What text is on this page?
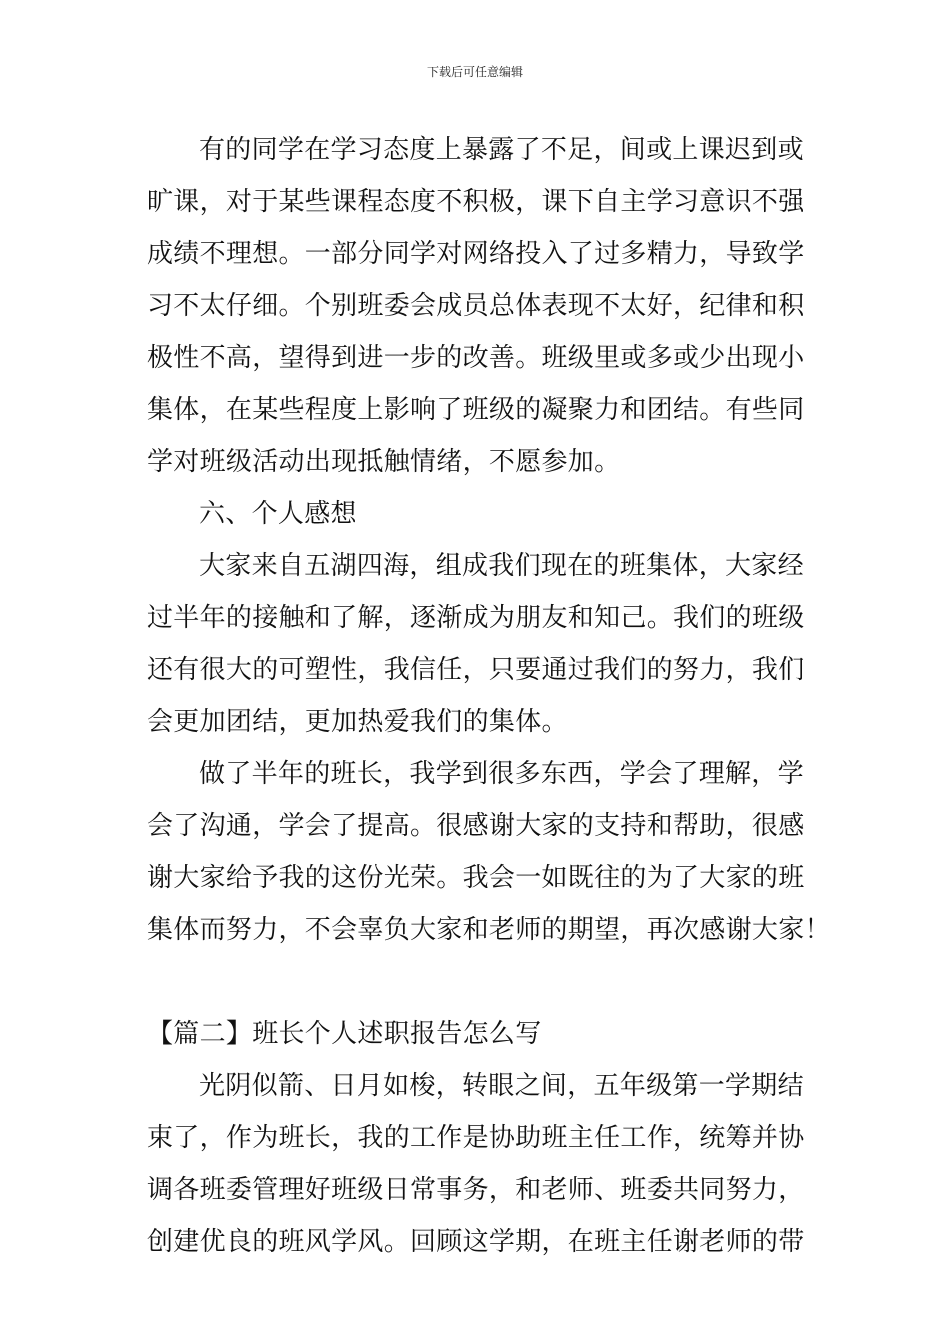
下载后可任意编辑
有的同学在学习态度上暴露了不足，间或上课迟到或
旷课，对于某些课程态度不积极，课下自主学习意识不强
成绩不理想。一部分同学对网络投入了过多精力，导致学
习不太仔细。个别班委会成员总体表现不太好，纪律和积
极性不高，望得到进一步的改善。班级里或多或少出现小
集体，在某些程度上影响了班级的凝聚力和团结。有些同
学对班级活动出现抵触情绪，不愿参加。
六、个人感想
大家来自五湖四海，组成我们现在的班集体，大家经
过半年的接触和了解，逐渐成为朋友和知己。我们的班级
还有很大的可塑性，我信任，只要通过我们的努力，我们
会更加团结，更加热爱我们的集体。
做了半年的班长，我学到很多东西，学会了理解，学
会了沟通，学会了提高。很感谢大家的支持和帮助，很感
谢大家给予我的这份光荣。我会一如既往的为了大家的班
集体而努力，不会辜负大家和老师的期望，再次感谢大家！
【篇二】班长个人述职报告怎么写
光阴似箭、日月如梭，转眼之间，五年级第一学期结
束了，作为班长，我的工作是协助班主任工作，统筹并协
调各班委管理好班级日常事务，和老师、班委共同努力，
创建优良的班风学风。回顾这学期，在班主任谢老师的带
